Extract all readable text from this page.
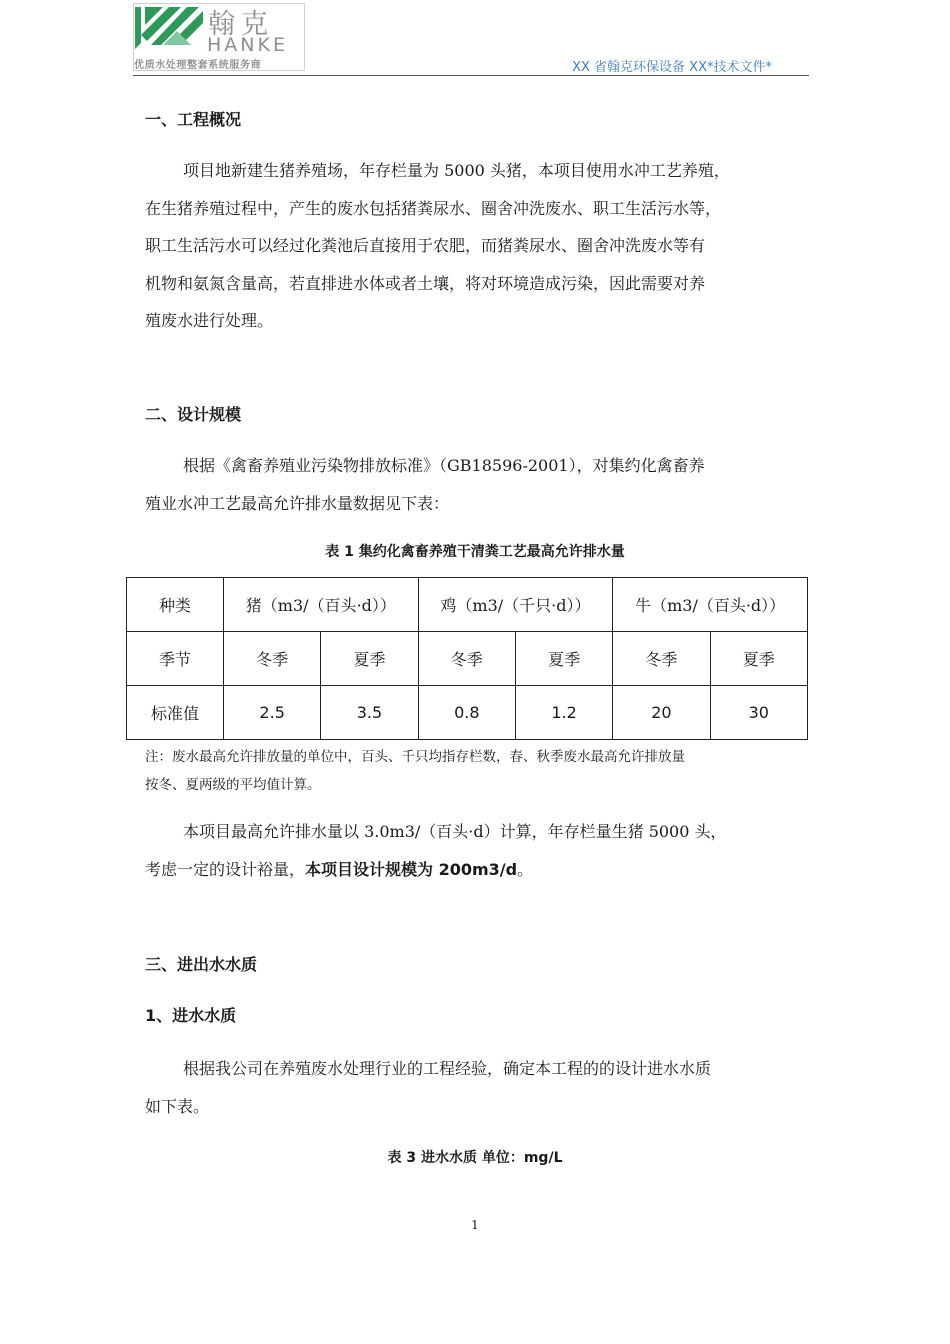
翰克
HANKE
优质水处理整套系统服务商	XX 省翰克环保设备 XX*技术文件*
一、工程概况
项目地新建生猪养殖场，年存栏量为 5000 头猪，本项目使用水冲工艺养殖，
在生猪养殖过程中，产生的废水包括猪粪尿水、圈舍冲洗废水、职工生活污水等，
职工生活污水可以经过化粪池后直接用于农肥，而猪粪尿水、圈舍冲洗废水等有
机物和氨氮含量高，若直排进水体或者土壤，将对环境造成污染，因此需要对养
殖废水进行处理。
二、设计规模
根据《禽畜养殖业污染物排放标准》（GB18596-2001），对集约化禽畜养
殖业水冲工艺最高允许排水量数据见下表：
表 1 集约化禽畜养殖干清粪工艺最高允许排水量
种类	猪（m3/（百头·d））		鸡（m3/（千只·d））		牛（m3/（百头·d））	
季节	冬季	夏季	冬季	夏季	冬季	夏季
标准值	2.5	3.5	0.8	1.2	20	30
注：废水最高允许排放量的单位中，百头、千只均指存栏数，春、秋季废水最高允许排放量
按冬、夏两级的平均值计算。
本项目最高允许排水量以 3.0m3/（百头·d）计算，年存栏量生猪 5000 头，
考虑一定的设计裕量，本项目设计规模为 200m3/d。
三、进出水水质
1、进水水质
根据我公司在养殖废水处理行业的工程经验，确定本工程的的设计进水水质
如下表。
表 3 进水水质 单位：mg/L
1
